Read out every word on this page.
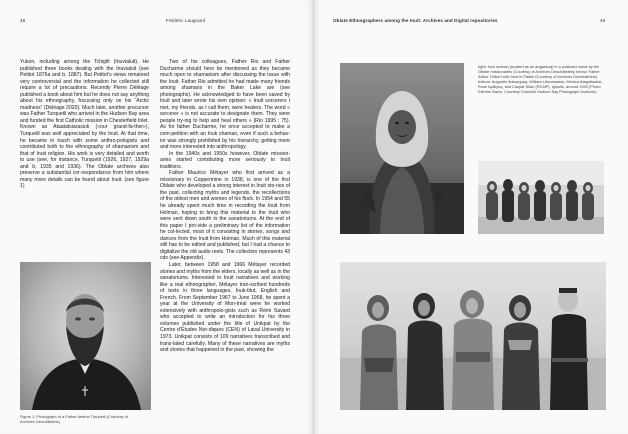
48	Frédéric Laugrand

Yukon, including among the Tchiglit (Inuvialuit). He published three books dealing with the Inuvialuit (see Petitot 1876a and b, 1887). But Petitot’s views remained very controversial and the information he collected still require a lot of precautions. Recently Pierre Déléage published a book about him but he does not say anything about his ethnography, focussing only on his “Arctic madness” (Déléage 2020). Much later, another precursor was Father Turquetil who arrived in the Hudson Bay area and funded the first Catholic mission in Chesterfield Inlet. Known as Ataatatsiarasiuk («our grand-fa-ther»), Turquetil was well appreciated by the Inuit. At that time, he became in touch with some anthro-pologists and contributed both to the ethnography of shamanism and that of Inuit religion. His work is very detailed and worth to use (see, for instance, Turquetil (1926, 1927, 1929a and b, 1935 and 1936). The Oblate archives also preserve a substantial cor-respondance from him where many more details can be found about Inuit. (see figure 1)

Two of his colleagues, Father Rio and Father Ducharme should here be mentioned as they became much open to shamanism after discussing the issue with the Inuit. Father Rio admitted he had made many friends among shamans in the Baker Lake are (see photographs). He acknowledged to have been saved by Inuit and later wrote his own opinion: « Inuit sorcerers I met, my friends, as I call them, were healers. The word « sorcerer » is not accurate to designate them. They were people try-ing to help and heal others » (Rio 1995 : 75). As for father Ducharme, he once accepted to make a com-petition with an Inuk shaman, even if such a behav-ior was strongly prohibited by his hierarchy, getting more and more interested into anthropology.

In the 1940s and 1950s however, Oblate mission-aries started contributing more seriously to Inuit traditions.

Father Maurice Métayer who first arrived as a missionary in Coppermine in 1938, is one of the first Oblate who developed a strong interest in Inuit sto-ries of the past, collecting myths and legends, the recollections of the oldest men and women of his flock. In 1954 and 55 he already spent much time in recording the Inuit from Holman, hoping to bring this material to the Inuit who were sent down south in the sanatoriums. At the end of this paper I pro-vide a preliminary list of the information he col-lected, most of it consisting in stories, songs and dances from the Inuit from Holman. Much of this material still has to be edited and published, but I had a chance to digitalize the old audio reels. The collection represents 43 cds (see Appendix).

Later, between 1958 and 1966 Métayer recorded stories and myths from the elders, locally as well as in the sanatoriums. Interested in Inuit narratives and working like a real ethnographer, Métayer tran-scribed hundreds of texts in three languages, Inuk-titut, English and French. From September 1967 to June 1968, he spent a year at the University of Mon-tréal were he worked extensively with anthropolo-gists such as Rémi Savard who accepted to write an introduction for his three volumes published under the title of Unikpat by the Centre d’Études Nor-diques (CEN) of Laval University in 1973. Unikpat consists of 109 narratives transcribed and trans-lated carefully. Many of these narratives are myths and stories that happened in the past, showing the

Figure 1. Photograph of a Father Arsène Turquetil (Courtesy of Archives Deschâtelets)
Oblate Ethnographers among the Inuit: Archives and Digital repositories	49
right: Inuk woman (located as an angakkuq) in a postcard made by the Oblate missionaries (Courtesy of Archives Deschâtelets) below: Father Arthur Thibert with Inuit in Padlei (Courtesy of Archives Deschâtelets) bottom: Augustin Ituksarjuaq, William Ukkumaaluk, Monica Ataguttaaluk, Rose Iqalliyuq, and Caspar Kilan (RCMP), Igloolik, around 1930 (Photo: Etienne Bazin, Courtesy Churchill Hudson Bay Photograph Archives)
